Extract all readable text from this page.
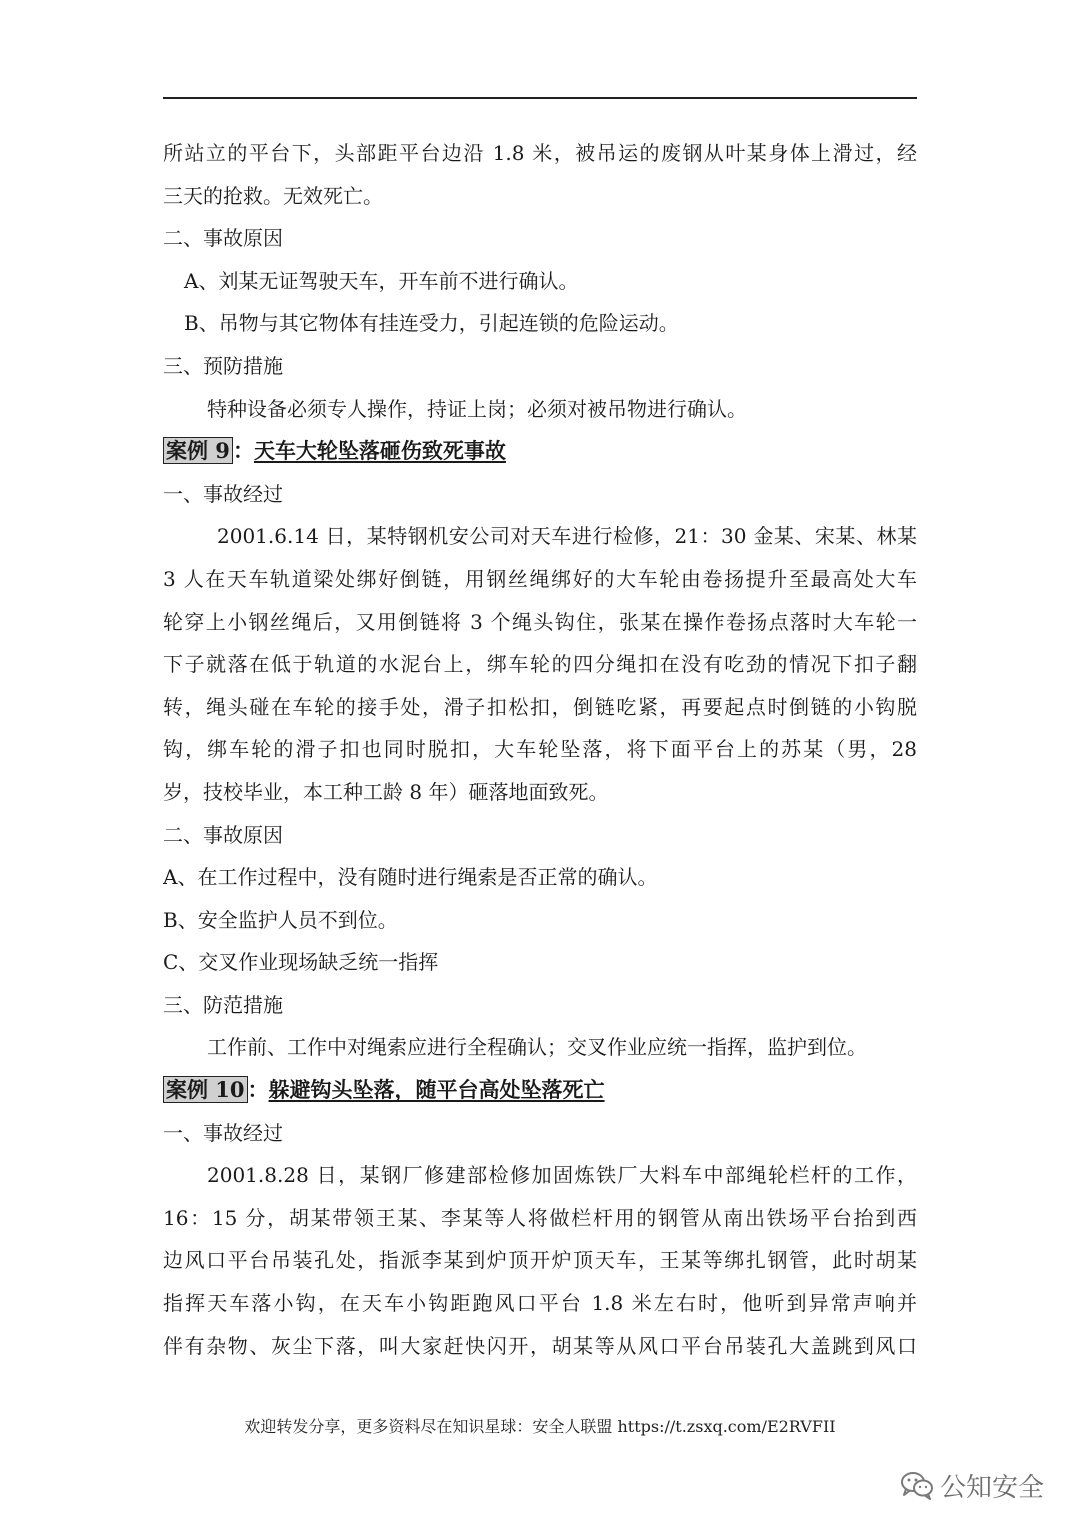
所站立的平台下，头部距平台边沿 1.8 米，被吊运的废钢从叶某身体上滑过，经
三天的抢救。无效死亡。
二、事故原因
A、刘某无证驾驶天车，开车前不进行确认。
B、吊物与其它物体有挂连受力，引起连锁的危险运动。
三、预防措施
特种设备必须专人操作，持证上岗；必须对被吊物进行确认。
案例 9 ：天车大轮坠落砸伤致死事故
一、事故经过
2001.6.14 日，某特钢机安公司对天车进行检修，21：30 金某、宋某、林某
3 人在天车轨道梁处绑好倒链，用钢丝绳绑好的大车轮由卷扬提升至最高处大车
轮穿上小钢丝绳后，又用倒链将 3 个绳头钩住，张某在操作卷扬点落时大车轮一
下子就落在低于轨道的水泥台上，绑车轮的四分绳扣在没有吃劲的情况下扣子翻
转，绳头碰在车轮的接手处，滑子扣松扣，倒链吃紧，再要起点时倒链的小钩脱
钩，绑车轮的滑子扣也同时脱扣，大车轮坠落，将下面平台上的苏某（男，28
岁，技校毕业，本工种工龄 8 年）砸落地面致死。
二、事故原因
A、在工作过程中，没有随时进行绳索是否正常的确认。
B、安全监护人员不到位。
C、交叉作业现场缺乏统一指挥
三、防范措施
工作前、工作中对绳索应进行全程确认；交叉作业应统一指挥，监护到位。
案例 10 ：躲避钩头坠落，随平台高处坠落死亡
一、事故经过
2001.8.28 日，某钢厂修建部检修加固炼铁厂大料车中部绳轮栏杆的工作，
16：15 分，胡某带领王某、李某等人将做栏杆用的钢管从南出铁场平台抬到西
边风口平台吊装孔处，指派李某到炉顶开炉顶天车，王某等绑扎钢管，此时胡某
指挥天车落小钩，在天车小钩距跑风口平台 1.8 米左右时，他听到异常声响并
伴有杂物、灰尘下落，叫大家赶快闪开，胡某等从风口平台吊装孔大盖跳到风口
欢迎转发分享，更多资料尽在知识星球：安全人联盟 https://t.zsxq.com/E2RVFII
公知安全
